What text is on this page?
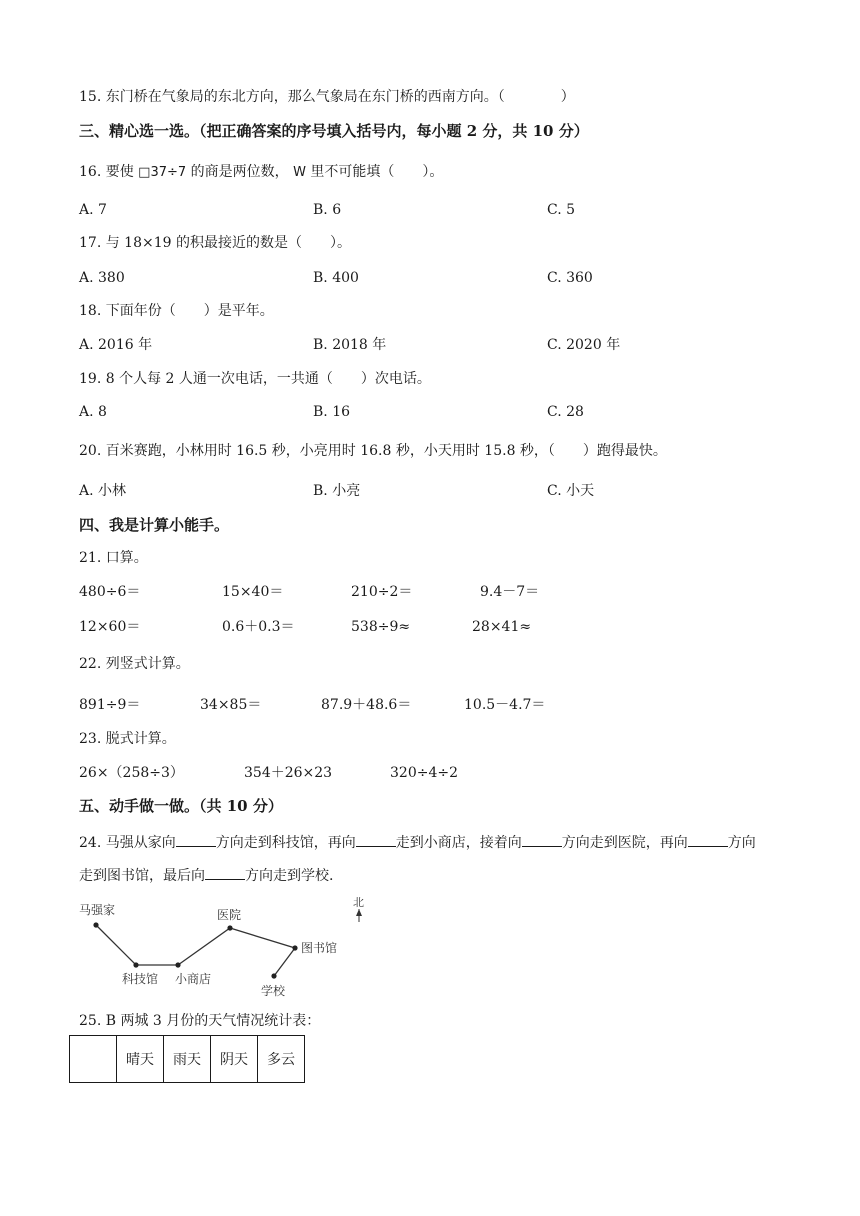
15. 东门桥在气象局的东北方向，那么气象局在东门桥的西南方向。（　　　　）
三、精心选一选。（把正确答案的序号填入括号内，每小题 2 分，共 10 分）
16. 要使 □37÷7 的商是两位数， W 里不可能填（　　）。
A. 7	B. 6	C. 5
17. 与 18×19 的积最接近的数是（　　）。
A. 380	B. 400	C. 360
18. 下面年份（　　）是平年。
A. 2016 年	B. 2018 年	C. 2020 年
19. 8 个人每 2 人通一次电话，一共通（　　）次电话。
A. 8	B. 16	C. 28
20. 百米赛跑，小林用时 16.5 秒，小亮用时 16.8 秒，小天用时 15.8 秒，（　　）跑得最快。
A. 小林	B. 小亮	C. 小天
四、我是计算小能手。
21. 口算。
480÷6＝	15×40＝	210÷2＝	9.4－7＝
12×60＝	0.6＋0.3＝	538÷9≈	28×41≈
22. 列竖式计算。
891÷9＝	34×85＝	87.9＋48.6＝	10.5－4.7＝
23. 脱式计算。
26×（258÷3）	354＋26×23	320÷4÷2
五、动手做一做。（共 10 分）
24. 马强从家向	方向走到科技馆，再向	走到小商店，接着向	方向走到医院，再向	方向
走到图书馆，最后向	方向走到学校.
马强家
科技馆 小商店
医院
图书馆
学校
北
25. B 两城 3 月份的天气情况统计表：
	晴天	雨天	阴天	多云
